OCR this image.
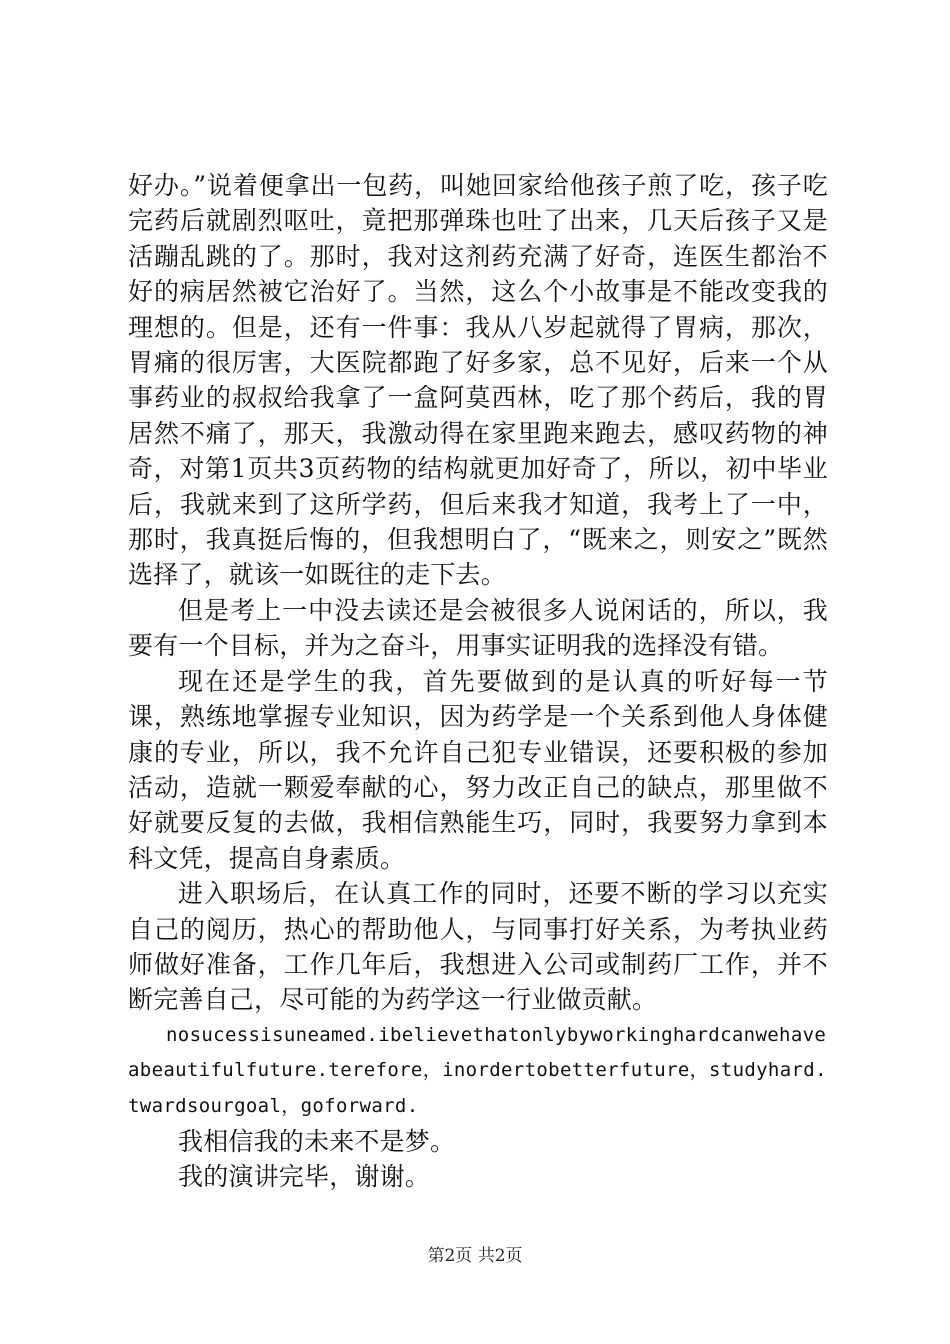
好办。”说着便拿出一包药，叫她回家给他孩子煎了吃，孩子吃完药后就剧烈呕吐，竟把那弹珠也吐了出来，几天后孩子又是活蹦乱跳的了。那时，我对这剂药充满了好奇，连医生都治不好的病居然被它治好了。当然，这么个小故事是不能改变我的理想的。但是，还有一件事：我从八岁起就得了胃病，那次，胃痛的很厉害，大医院都跑了好多家，总不见好，后来一个从事药业的叔叔给我拿了一盒阿莫西林，吃了那个药后，我的胃居然不痛了，那天，我激动得在家里跑来跑去，感叹药物的神奇，对第1页共3页药物的结构就更加好奇了，所以，初中毕业后，我就来到了这所学药，但后来我才知道，我考上了一中，那时，我真挺后悔的，但我想明白了，“既来之，则安之”既然选择了，就该一如既往的走下去。

但是考上一中没去读还是会被很多人说闲话的，所以，我要有一个目标，并为之奋斗，用事实证明我的选择没有错。

现在还是学生的我，首先要做到的是认真的听好每一节课，熟练地掌握专业知识，因为药学是一个关系到他人身体健康的专业，所以，我不允许自己犯专业错误，还要积极的参加活动，造就一颗爱奉献的心，努力改正自己的缺点，那里做不好就要反复的去做，我相信熟能生巧，同时，我要努力拿到本科文凭，提高自身素质。

进入职场后，在认真工作的同时，还要不断的学习以充实自己的阅历，热心的帮助他人，与同事打好关系，为考执业药师做好准备，工作几年后，我想进入公司或制药厂工作，并不断完善自己，尽可能的为药学这一行业做贡献。

nosucessisuneamed.ibelievethatonlybyworkinghardcanwehaveabeautifulfuture.terefore，inordertobetterfuture，studyhard.twardsourgoal，goforward.

我相信我的未来不是梦。

我的演讲完毕，谢谢。

第2页 共2页
